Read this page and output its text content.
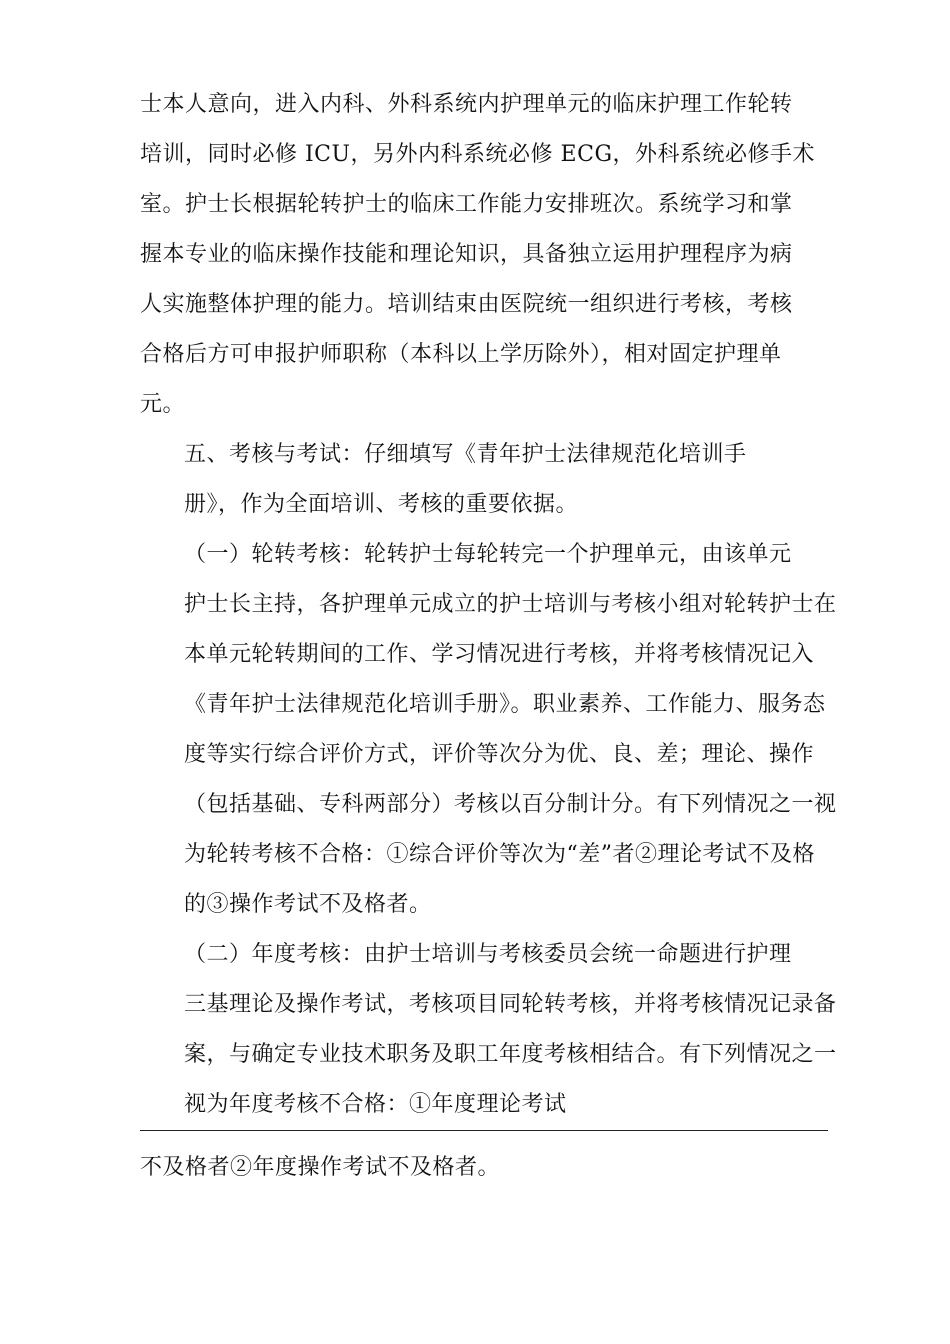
士本人意向，进入内科、外科系统内护理单元的临床护理工作轮转
培训，同时必修 ICU，另外内科系统必修 ECG，外科系统必修手术
室。护士长根据轮转护士的临床工作能力安排班次。系统学习和掌
握本专业的临床操作技能和理论知识，具备独立运用护理程序为病
人实施整体护理的能力。培训结束由医院统一组织进行考核，考核
合格后方可申报护师职称（本科以上学历除外），相对固定护理单
元。

五、考核与考试：仔细填写《青年护士法律规范化培训手
册》，作为全面培训、考核的重要依据。

（一）轮转考核：轮转护士每轮转完一个护理单元，由该单元
护士长主持，各护理单元成立的护士培训与考核小组对轮转护士在
本单元轮转期间的工作、学习情况进行考核，并将考核情况记入
《青年护士法律规范化培训手册》。职业素养、工作能力、服务态
度等实行综合评价方式，评价等次分为优、良、差；理论、操作
（包括基础、专科两部分）考核以百分制计分。有下列情况之一视
为轮转考核不合格：①综合评价等次为“差”者②理论考试不及格
的③操作考试不及格者。

（二）年度考核：由护士培训与考核委员会统一命题进行护理
三基理论及操作考试，考核项目同轮转考核，并将考核情况记录备
案，与确定专业技术职务及职工年度考核相结合。有下列情况之一
视为年度考核不合格：①年度理论考试

不及格者②年度操作考试不及格者。
